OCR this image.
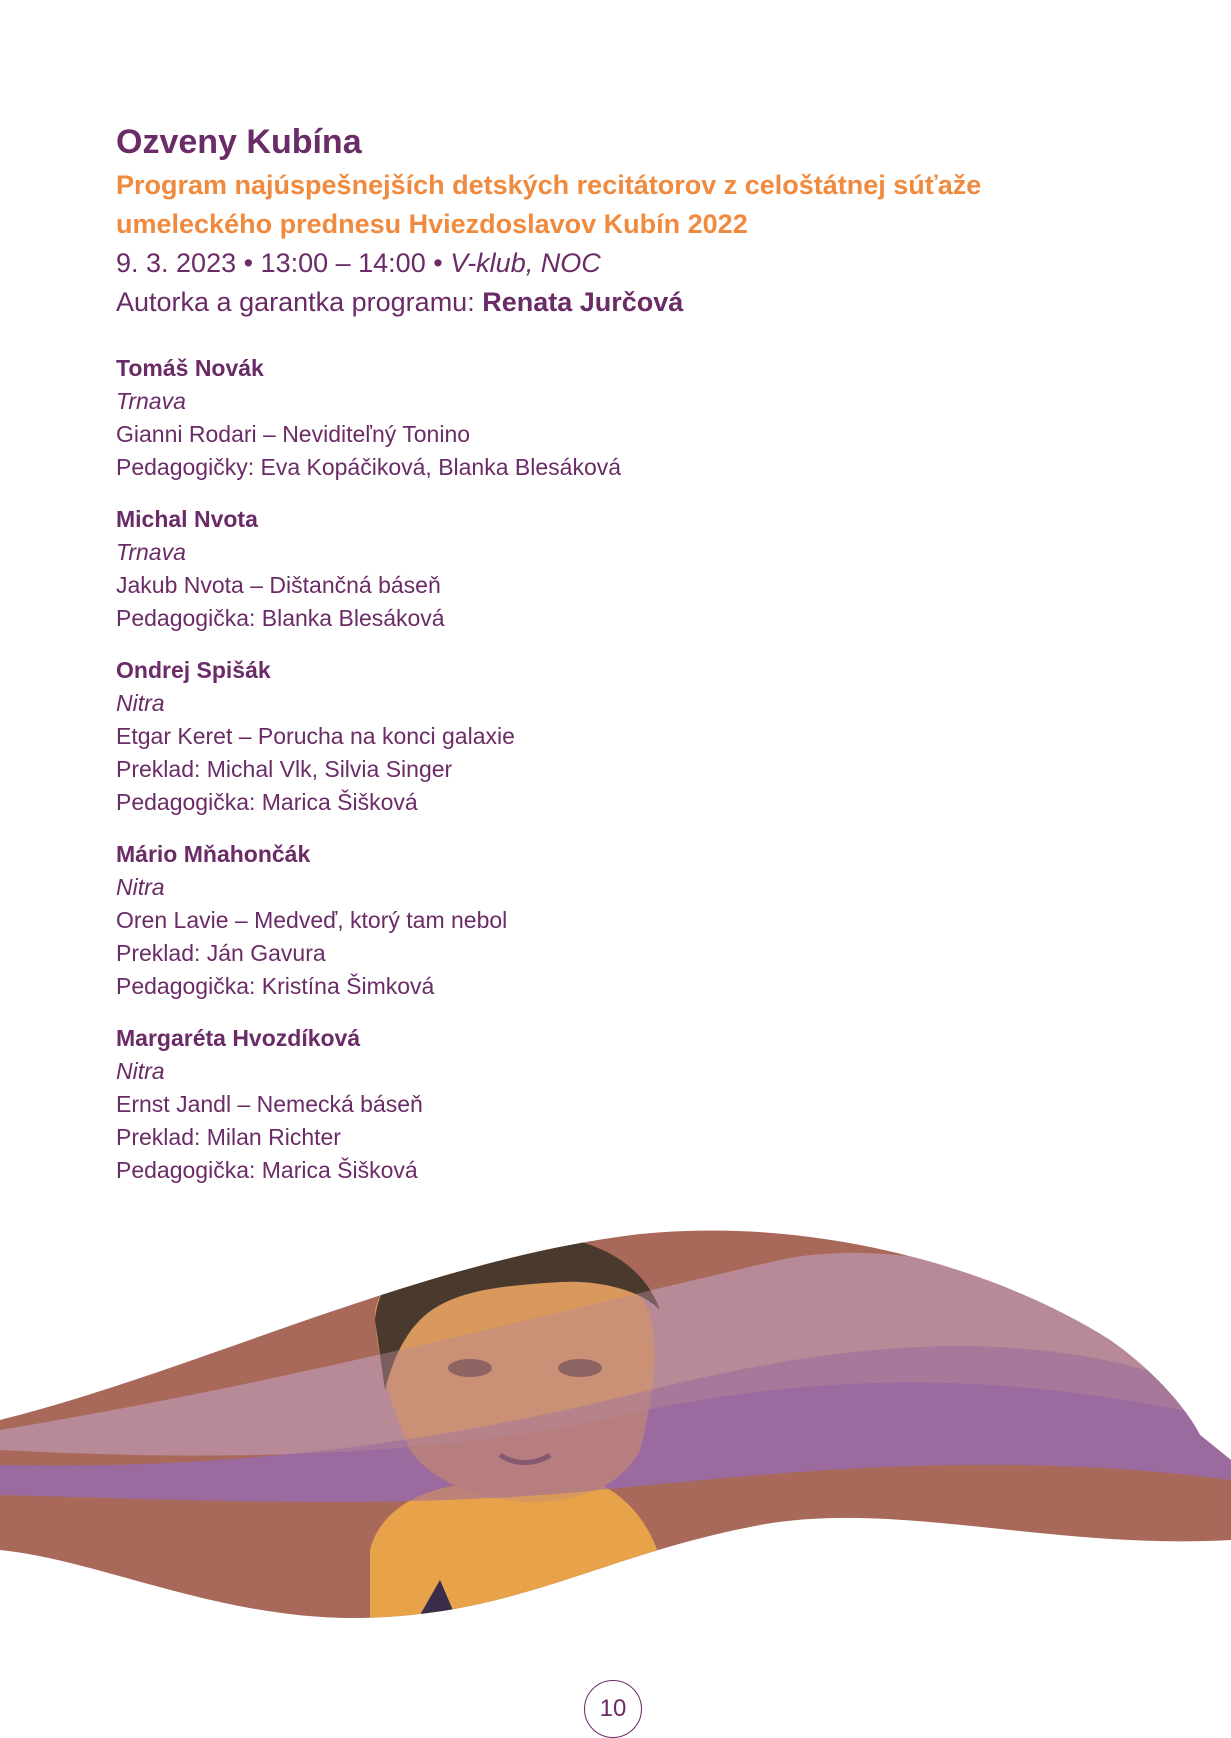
Ozveny Kubína

Program najúspešnejších detských recitátorov z celoštátnej súťaže umeleckého prednesu Hviezdoslavov Kubín 2022

9. 3. 2023 • 13:00 – 14:00 • V-klub, NOC

Autorka a garantka programu: Renata Jurčová

Tomáš Novák

Trnava

Gianni Rodari – Neviditeľný Tonino

Pedagogičky: Eva Kopáčiková, Blanka Blesáková

Michal Nvota

Trnava

Jakub Nvota – Dištančná báseň

Pedagogička: Blanka Blesáková

Ondrej Spišák

Nitra

Etgar Keret – Porucha na konci galaxie

Preklad: Michal Vlk, Silvia Singer

Pedagogička: Marica Šišková

Mário Mňahončák

Nitra

Oren Lavie – Medveď, ktorý tam nebol

Preklad: Ján Gavura

Pedagogička: Kristína Šimková

Margaréta Hvozdíková

Nitra

Ernst Jandl – Nemecká báseň

Preklad: Milan Richter

Pedagogička: Marica Šišková

10
